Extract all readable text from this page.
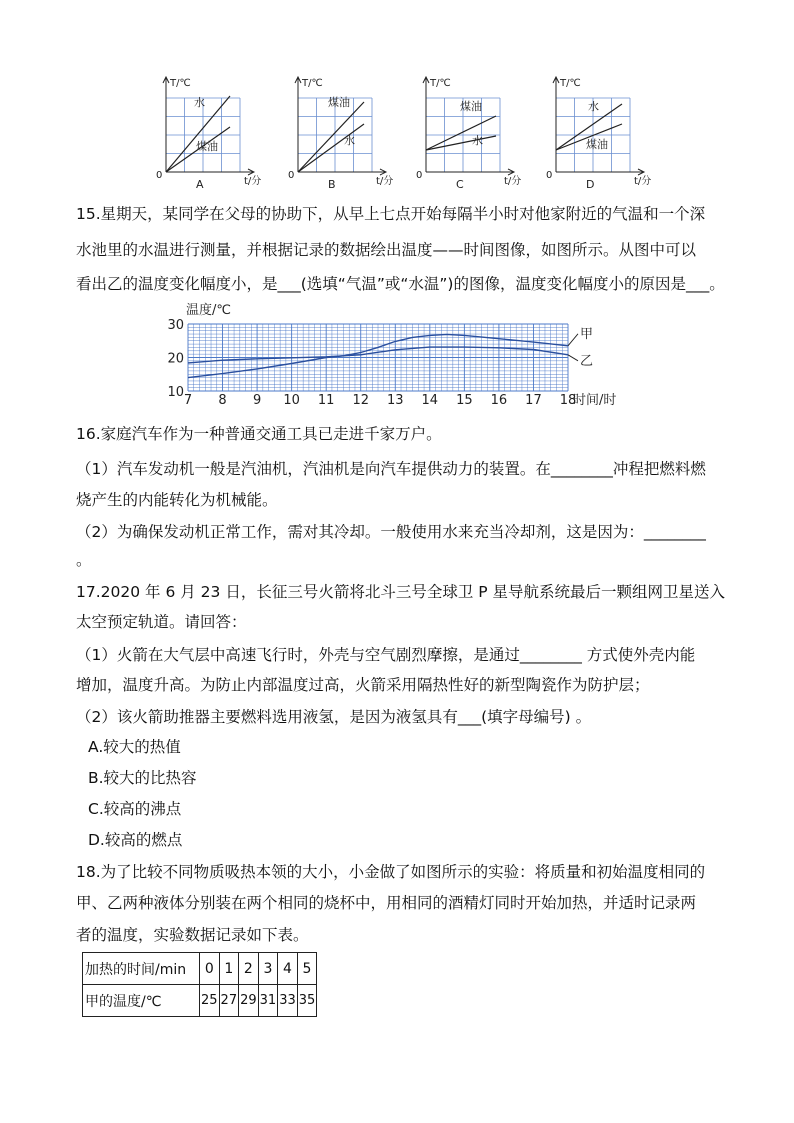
T/℃
水
煤油
0
t/分
A
T/℃
煤油
水
0
t/分
B
T/℃
煤油
水
0
t/分
C
T/℃
水
煤油
0
t/分
D
15.星期天，某同学在父母的协助下，从早上七点开始每隔半小时对他家附近的气温和一个深
水池里的水温进行测量，并根据记录的数据绘出温度——时间图像，如图所示。从图中可以
看出乙的温度变化幅度小，是___(选填“气温”或“水温”)的图像，温度变化幅度小的原因是___。
温度/℃
10
20
30
7 8 9 10 11 12 13 14 15 16 17 18
甲
乙
时间/时
16.家庭汽车作为一种普通交通工具已走进千家万户。
（1）汽车发动机一般是汽油机，汽油机是向汽车提供动力的装置。在________冲程把燃料燃
烧产生的内能转化为机械能。
（2）为确保发动机正常工作，需对其冷却。一般使用水来充当冷却剂，这是因为：________
。
17.2020 年 6 月 23 日，长征三号火箭将北斗三号全球卫 P 星导航系统最后一颗组网卫星送入
太空预定轨道。请回答：
（1）火箭在大气层中高速飞行时，外壳与空气剧烈摩擦，是通过________ 方式使外壳内能
增加，温度升高。为防止内部温度过高，火箭采用隔热性好的新型陶瓷作为防护层；
（2）该火箭助推器主要燃料选用液氢，是因为液氢具有___(填字母编号) 。
A.较大的热值
B.较大的比热容
C.较高的沸点
D.较高的燃点
18.为了比较不同物质吸热本领的大小，小金做了如图所示的实验：将质量和初始温度相同的
甲、乙两种液体分别装在两个相同的烧杯中，用相同的酒精灯同时开始加热，并适时记录两
者的温度，实验数据记录如下表。
加热的时间/min	0	1	2	3	4	5
甲的温度/℃	25	27	29	31	33	35
